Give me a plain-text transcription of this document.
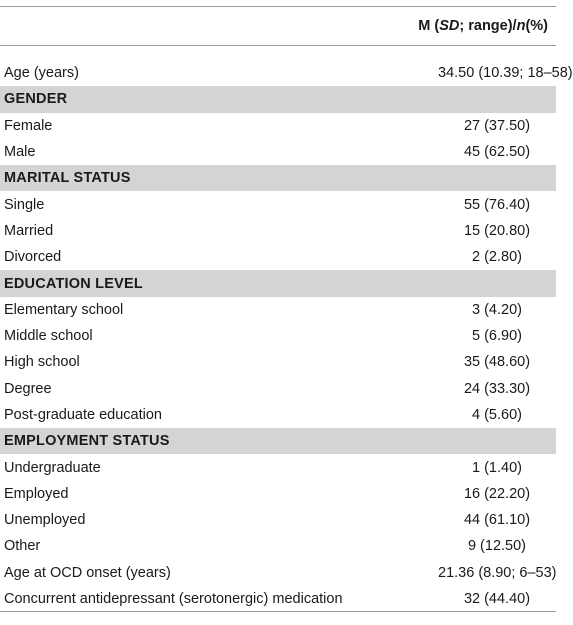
M ( SD ; range)/ n (%)
Age (years)	34.50 (10.39; 18–58)
GENDER
Female	27 (37.50)
Male	45 (62.50)
MARITAL STATUS
Single	55 (76.40)
Married	15 (20.80)
Divorced	2 (2.80)
EDUCATION LEVEL
Elementary school	3 (4.20)
Middle school	5 (6.90)
High school	35 (48.60)
Degree	24 (33.30)
Post-graduate education	4 (5.60)
EMPLOYMENT STATUS
Undergraduate	1 (1.40)
Employed	16 (22.20)
Unemployed	44 (61.10)
Other	9 (12.50)
Age at OCD onset (years)	21.36 (8.90; 6–53)
Concurrent antidepressant (serotonergic) medication	32 (44.40)
